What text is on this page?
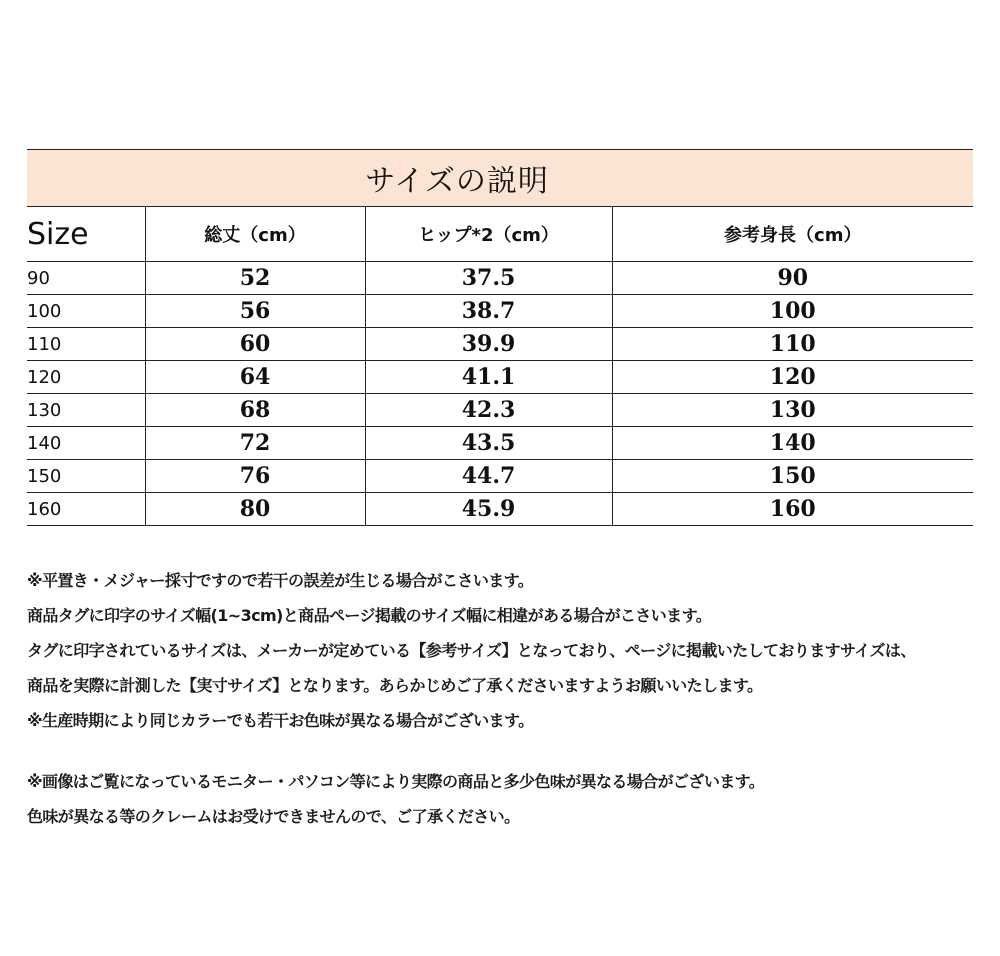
サイズの説明			
Size	総丈（cm）	ヒップ*2（cm）	参考身長（cm）
90	52	37.5	90
100	56	38.7	100
110	60	39.9	110
120	64	41.1	120
130	68	42.3	130
140	72	43.5	140
150	76	44.7	150
160	80	45.9	160
※平置き・メジャー採寸ですので若干の誤差が生じる場合がこさいます。
商品タグに印字のサイズ幅(1~3cm)と商品ページ掲載のサイズ幅に相違がある場合がこさいます。
タグに印字されているサイズは、メーカーが定めている【参考サイズ】となっており、ページに掲載いたしておりますサイズは、
商品を実際に計測した【実寸サイズ】となります。あらかじめご了承くださいますようお願いいたします。
※生産時期により同じカラーでも若干お色味が異なる場合がございます。
※画像はご覧になっているモニター・パソコン等により実際の商品と多少色味が異なる場合がございます。
色味が異なる等のクレームはお受けできませんので、ご了承ください。
